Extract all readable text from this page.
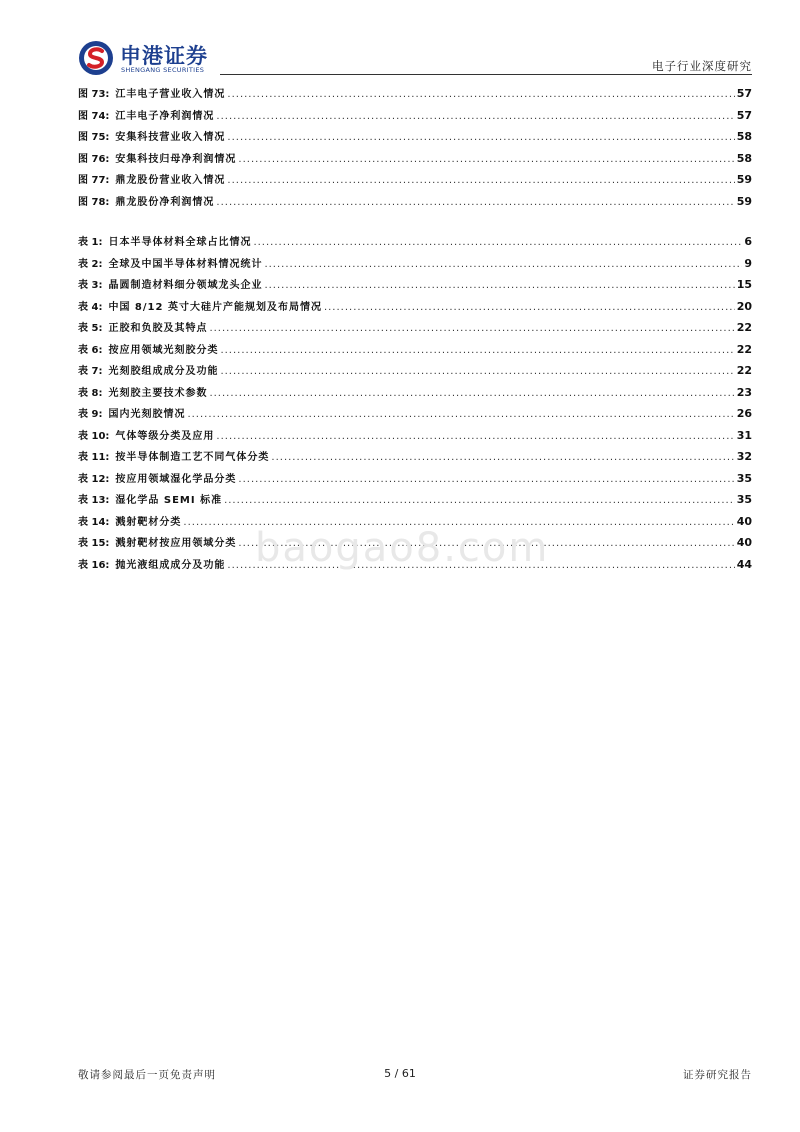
申港证券
SHENGANG SECURITIES	电子行业深度研究
图 73: 江丰电子营业收入情况 .....	57
图 74: 江丰电子净利润情况 .....	57
图 75: 安集科技营业收入情况 .....	58
图 76: 安集科技归母净利润情况 .....	58
图 77: 鼎龙股份营业收入情况 .....	59
图 78: 鼎龙股份净利润情况 .....	59
表 1: 日本半导体材料全球占比情况 .....	6
表 2: 全球及中国半导体材料情况统计 .....	9
表 3: 晶圆制造材料细分领域龙头企业 .....	15
表 4: 中国 8/12 英寸大硅片产能规划及布局情况 .....	20
表 5: 正胶和负胶及其特点 .....	22
表 6: 按应用领域光刻胶分类 .....	22
表 7: 光刻胶组成成分及功能 .....	22
表 8: 光刻胶主要技术参数 .....	23
表 9: 国内光刻胶情况 .....	26
表 10: 气体等级分类及应用 .....	31
表 11: 按半导体制造工艺不同气体分类 .....	32
表 12: 按应用领域湿化学品分类 .....	35
表 13: 湿化学品 SEMI 标准 .....	35
表 14: 溅射靶材分类 .....	40
表 15: 溅射靶材按应用领域分类 .....	40
表 16: 抛光液组成成分及功能 .....	44
baogao8.com
敬请参阅最后一页免责声明	5 / 61	证券研究报告
